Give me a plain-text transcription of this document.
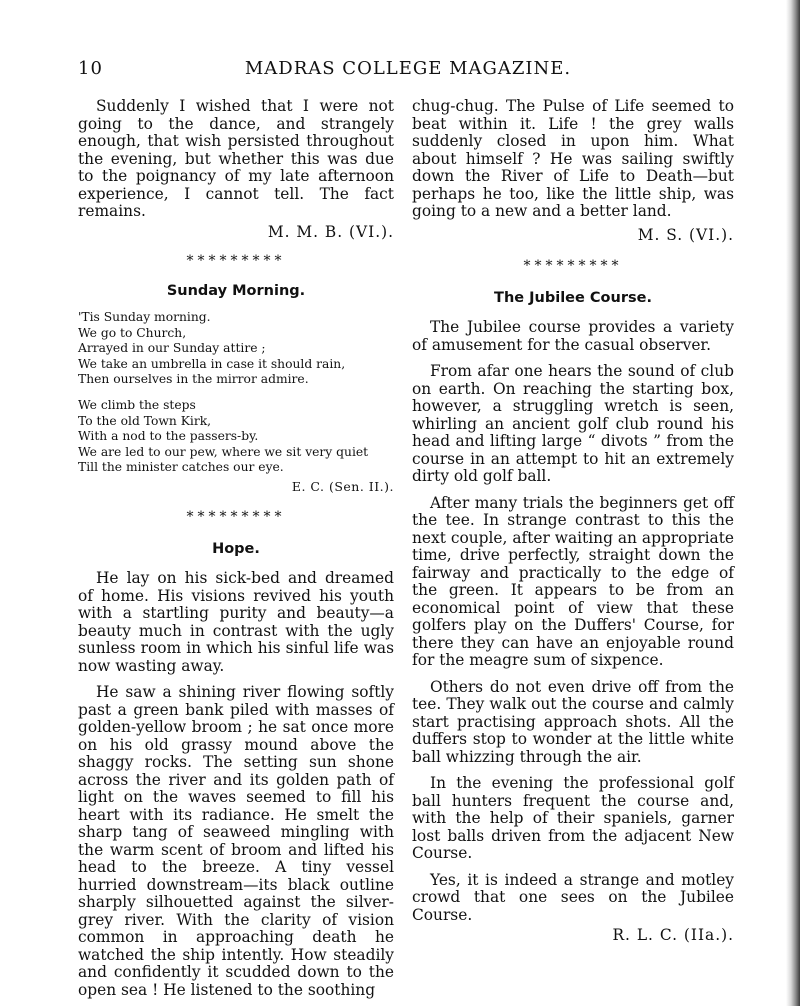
10	MADRAS COLLEGE MAGAZINE.

Suddenly I wished that I were not going to the dance, and strangely enough, that wish persisted throughout the evening, but whether this was due to the poignancy of my late afternoon experience, I cannot tell. The fact remains.

M. M. B. (VI.).
*********
Sunday Morning.
'Tis Sunday morning.
We go to Church,
Arrayed in our Sunday attire ;
We take an umbrella in case it should rain,
Then ourselves in the mirror admire.
We climb the steps
To the old Town Kirk,
With a nod to the passers-by.
We are led to our pew, where we sit very quiet
Till the minister catches our eye.
E. C. (Sen. II.).
*********
Hope.

He lay on his sick-bed and dreamed of home. His visions revived his youth with a startling purity and beauty—a beauty much in contrast with the ugly sunless room in which his sinful life was now wasting away.

He saw a shining river flowing softly past a green bank piled with masses of golden-yellow broom ; he sat once more on his old grassy mound above the shaggy rocks. The setting sun shone across the river and its golden path of light on the waves seemed to fill his heart with its radiance. He smelt the sharp tang of seaweed mingling with the warm scent of broom and lifted his head to the breeze. A tiny vessel hurried downstream—its black outline sharply silhouetted against the silver-grey river. With the clarity of vision common in approaching death he watched the ship intently. How steadily and confidently it scudded down to the open sea ! He listened to the soothing

chug-chug. The Pulse of Life seemed to beat within it. Life ! the grey walls suddenly closed in upon him. What about himself ? He was sailing swiftly down the River of Life to Death—but perhaps he too, like the little ship, was going to a new and a better land.

M. S. (VI.).
*********
The Jubilee Course.

The Jubilee course provides a variety of amusement for the casual observer.

From afar one hears the sound of club on earth. On reaching the starting box, however, a struggling wretch is seen, whirling an ancient golf club round his head and lifting large “ divots ” from the course in an attempt to hit an extremely dirty old golf ball.

After many trials the beginners get off the tee. In strange contrast to this the next couple, after waiting an appropriate time, drive perfectly, straight down the fairway and practically to the edge of the green. It appears to be from an economical point of view that these golfers play on the Duffers' Course, for there they can have an enjoyable round for the meagre sum of sixpence.

Others do not even drive off from the tee. They walk out the course and calmly start practising approach shots. All the duffers stop to wonder at the little white ball whizzing through the air.

In the evening the professional golf ball hunters frequent the course and, with the help of their spaniels, garner lost balls driven from the adjacent New Course.

Yes, it is indeed a strange and motley crowd that one sees on the Jubilee Course.

R. L. C. (IIa.).
